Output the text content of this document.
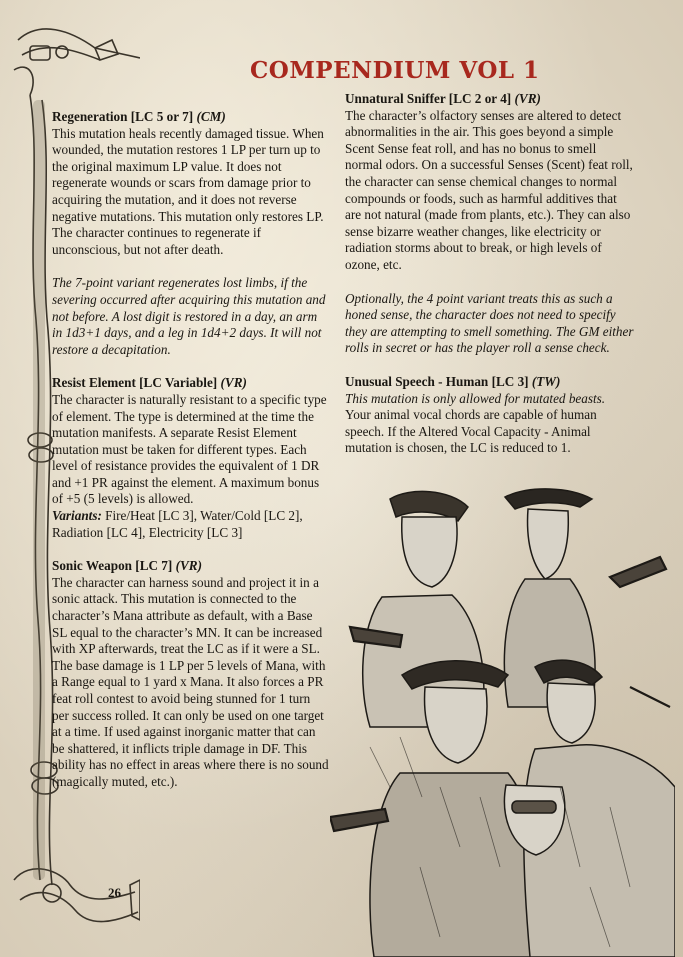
COMPENDIUM VOL 1

Regeneration [LC 5 or 7] (CM)

This mutation heals recently damaged tissue. When wounded, the mutation restores 1 LP per turn up to the original maximum LP value. It does not regenerate wounds or scars from damage prior to acquiring the mutation, and it does not reverse negative mutations. This mutation only restores LP. The character continues to regenerate if unconscious, but not after death.

The 7-point variant regenerates lost limbs, if the severing occurred after acquiring this mutation and not before. A lost digit is restored in a day, an arm in 1d3+1 days, and a leg in 1d4+2 days. It will not restore a decapitation.

Resist Element [LC Variable] (VR)

The character is naturally resistant to a specific type of element. The type is determined at the time the mutation manifests. A separate Resist Element mutation must be taken for different types. Each level of resistance provides the equivalent of 1 DR and +1 PR against the element. A maximum bonus of +5 (5 levels) is allowed.

Variants: Fire/Heat [LC 3], Water/Cold [LC 2], Radiation [LC 4], Electricity [LC 3]

Sonic Weapon [LC 7] (VR)

The character can harness sound and project it in a sonic attack. This mutation is connected to the character’s Mana attribute as default, with a Base SL equal to the character’s MN. It can be increased with XP afterwards, treat the LC as if it were a SL. The base damage is 1 LP per 5 levels of Mana, with a Range equal to 1 yard x Mana. It also forces a PR feat roll contest to avoid being stunned for 1 turn per success rolled. It can only be used on one target at a time. If used against inorganic matter that can be shattered, it inflicts triple damage in DF. This ability has no effect in areas where there is no sound (magically muted, etc.).

Unnatural Sniffer [LC 2 or 4] (VR)

The character’s olfactory senses are altered to detect abnormalities in the air. This goes beyond a simple Scent Sense feat roll, and has no bonus to smell normal odors. On a successful Senses (Scent) feat roll, the character can sense chemical changes to normal compounds or foods, such as harmful additives that are not natural (made from plants, etc.). They can also sense bizarre weather changes, like electricity or radiation storms about to break, or high levels of ozone, etc.

Optionally, the 4 point variant treats this as such a honed sense, the character does not need to specify they are attempting to smell something. The GM either rolls in secret or has the player roll a sense check.

Unusual Speech - Human [LC 3] (TW)

This mutation is only allowed for mutated beasts.

Your animal vocal chords are capable of human speech. If the Altered Vocal Capacity - Animal mutation is chosen, the LC is reduced to 1.

26
